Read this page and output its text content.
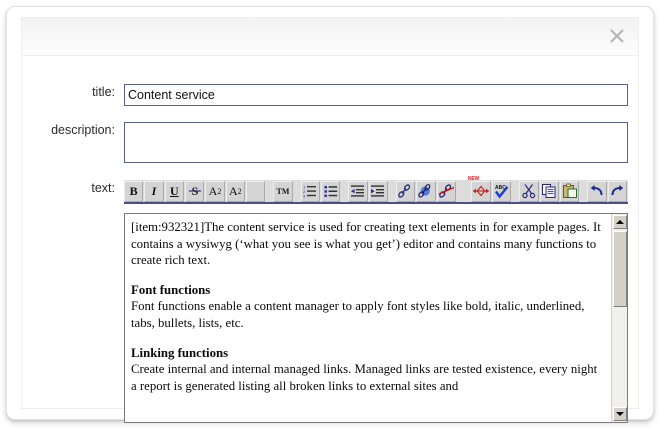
title:
Content service
description:
text:	B I U S A 2 A 2	TM	1
2
3
NEW
ABC

[item:932321]The content service is used for creating text elements in for example pages. It contains a wysiwyg (‘what you see is what you get’) editor and contains many functions to create rich text.

Font functions

Font functions enable a content manager to apply font styles like bold, italic, underlined, tabs, bullets, lists, etc.

Linking functions

Create internal and internal managed links. Managed links are tested existence, every night a report is generated listing all broken links to external sites and
